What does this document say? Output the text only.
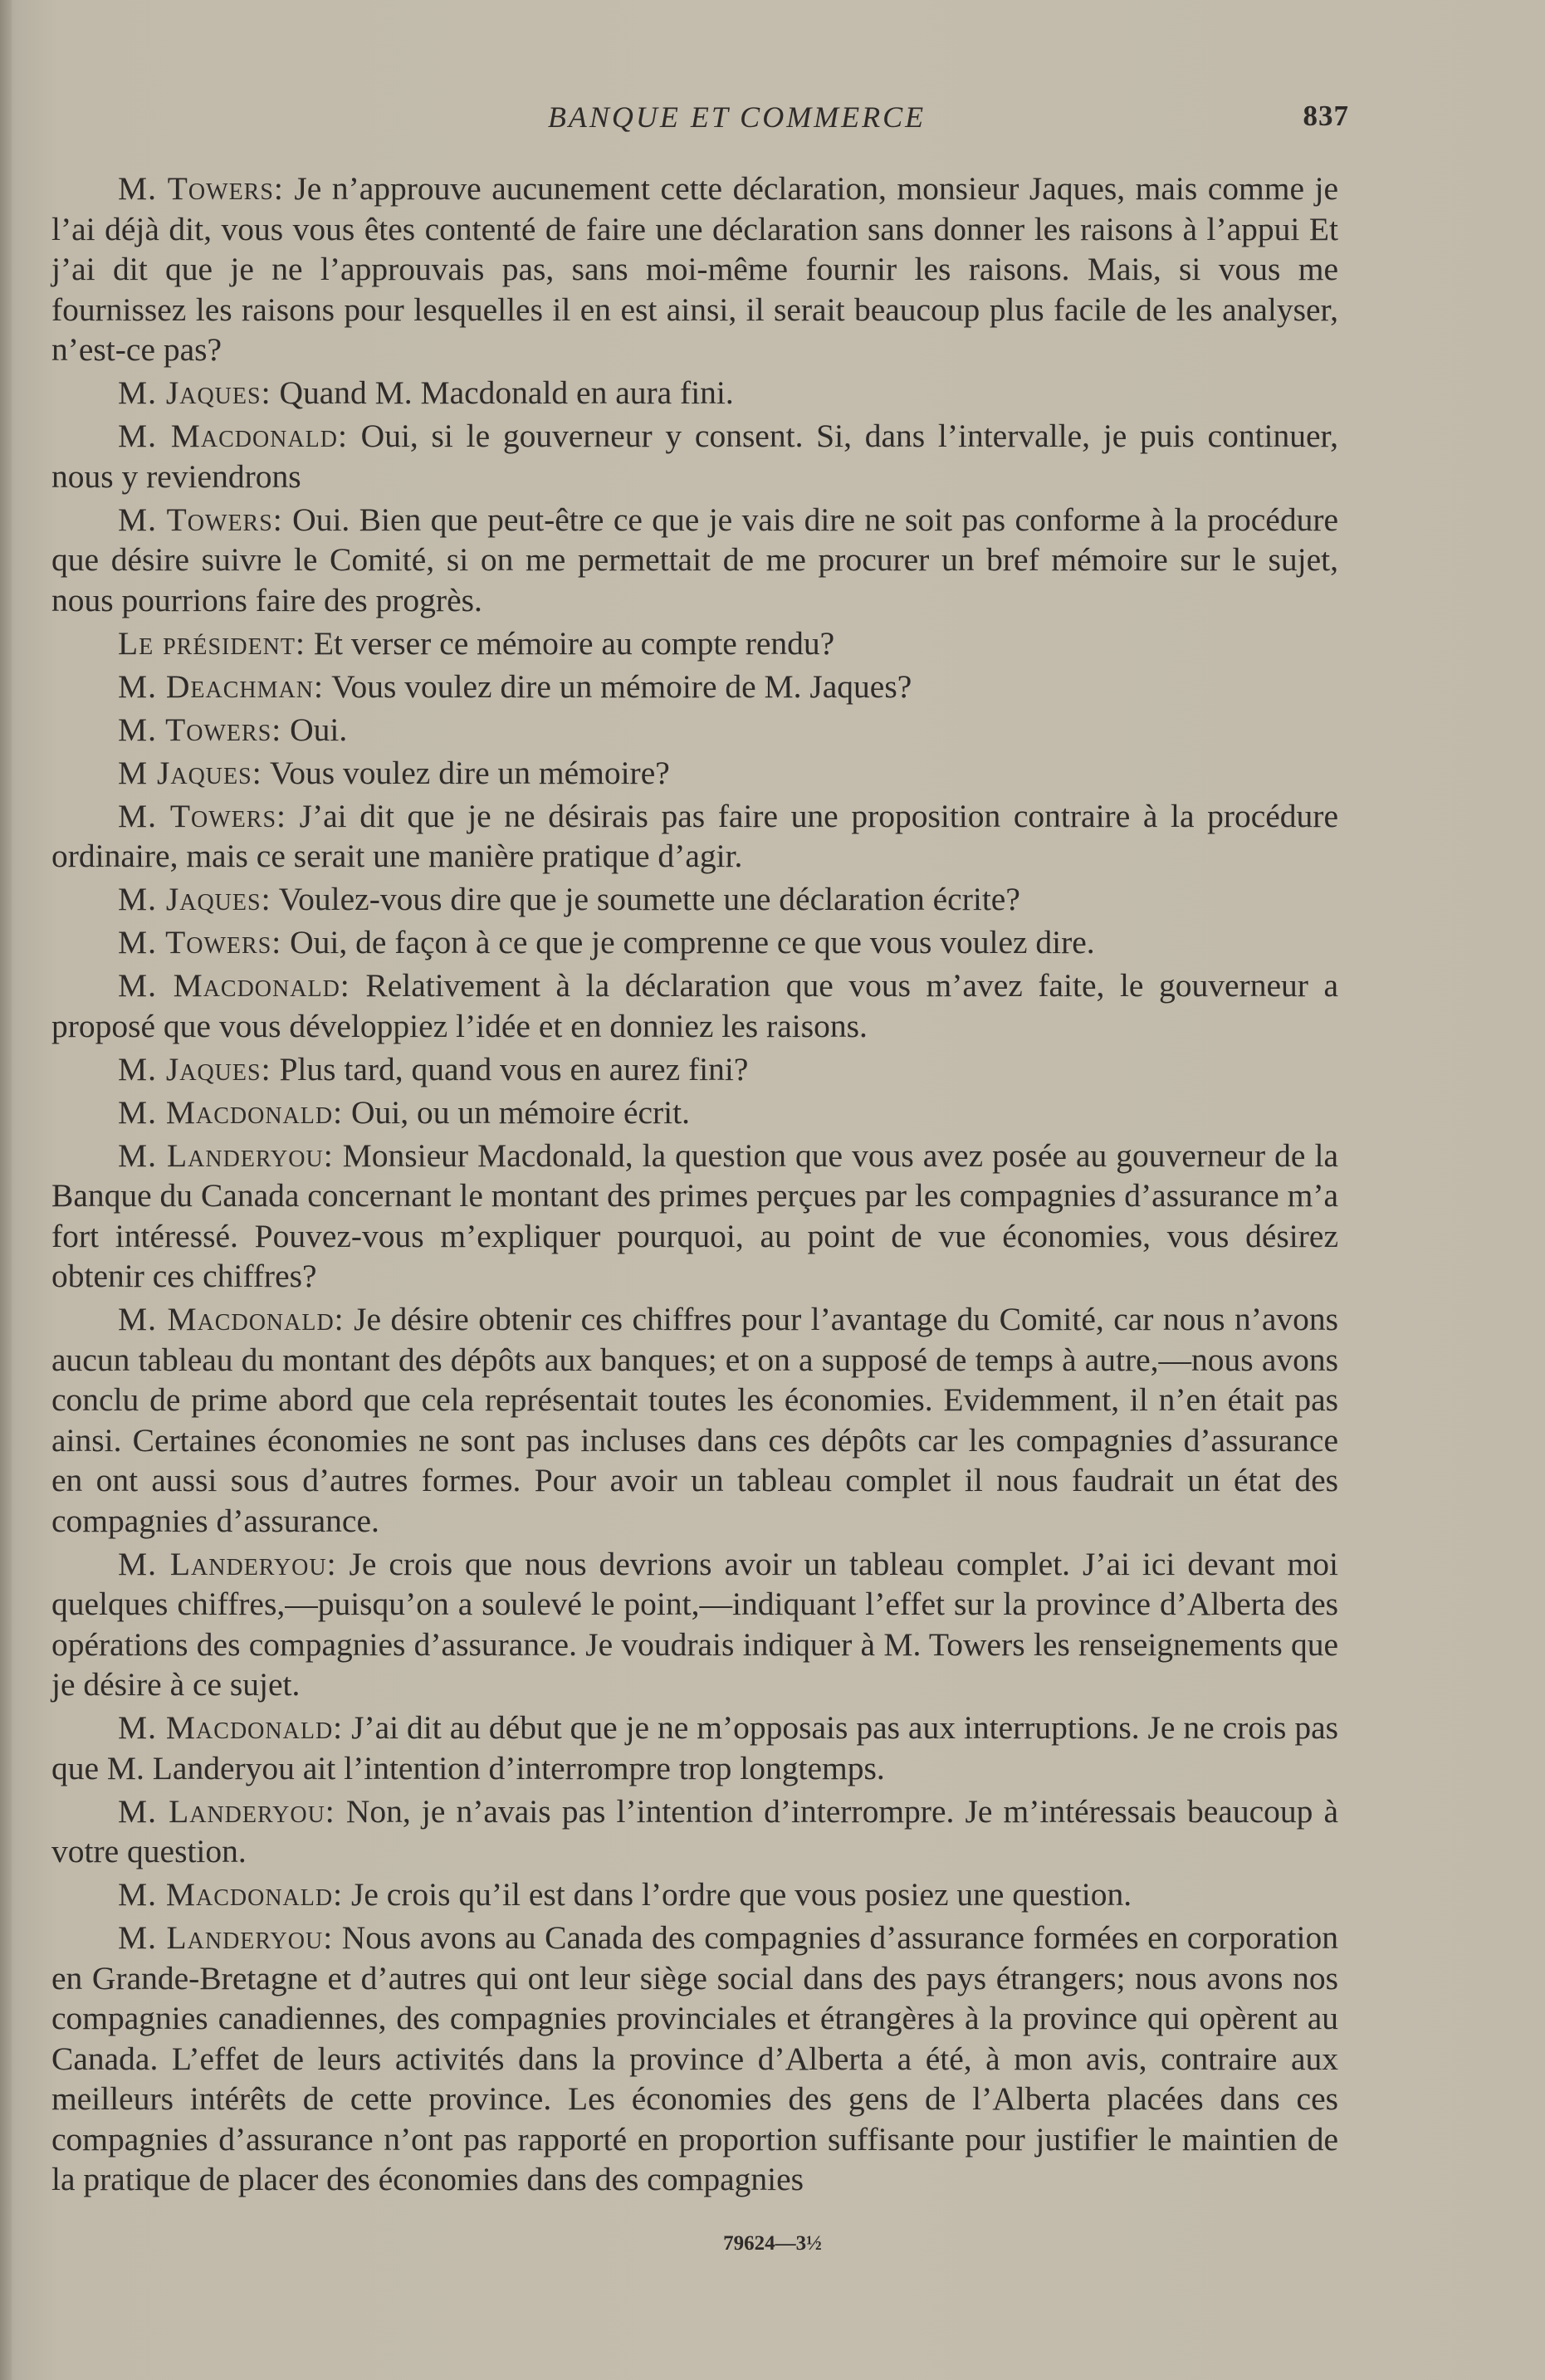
BANQUE ET COMMERCE	837

M. Towers: Je n’approuve aucunement cette déclaration, monsieur Jaques, mais comme je l’ai déjà dit, vous vous êtes contenté de faire une déclaration sans donner les raisons à l’appui Et j’ai dit que je ne l’approuvais pas, sans moi-même fournir les raisons. Mais, si vous me fournissez les raisons pour lesquelles il en est ainsi, il serait beaucoup plus facile de les analyser, n’est-ce pas?

M. Jaques: Quand M. Macdonald en aura fini.

M. Macdonald: Oui, si le gouverneur y consent. Si, dans l’intervalle, je puis continuer, nous y reviendrons

M. Towers: Oui. Bien que peut-être ce que je vais dire ne soit pas conforme à la procédure que désire suivre le Comité, si on me permettait de me procurer un bref mémoire sur le sujet, nous pourrions faire des progrès.

Le président: Et verser ce mémoire au compte rendu?

M. Deachman: Vous voulez dire un mémoire de M. Jaques?

M. Towers: Oui.

M Jaques: Vous voulez dire un mémoire?

M. Towers: J’ai dit que je ne désirais pas faire une proposition contraire à la procédure ordinaire, mais ce serait une manière pratique d’agir.

M. Jaques: Voulez-vous dire que je soumette une déclaration écrite?

M. Towers: Oui, de façon à ce que je comprenne ce que vous voulez dire.

M. Macdonald: Relativement à la déclaration que vous m’avez faite, le gouverneur a proposé que vous développiez l’idée et en donniez les raisons.

M. Jaques: Plus tard, quand vous en aurez fini?

M. Macdonald: Oui, ou un mémoire écrit.

M. Landeryou: Monsieur Macdonald, la question que vous avez posée au gouverneur de la Banque du Canada concernant le montant des primes perçues par les compagnies d’assurance m’a fort intéressé. Pouvez-vous m’expliquer pourquoi, au point de vue économies, vous désirez obtenir ces chiffres?

M. Macdonald: Je désire obtenir ces chiffres pour l’avantage du Comité, car nous n’avons aucun tableau du montant des dépôts aux banques; et on a supposé de temps à autre,—nous avons conclu de prime abord que cela représentait toutes les économies. Evidemment, il n’en était pas ainsi. Certaines économies ne sont pas incluses dans ces dépôts car les compagnies d’assurance en ont aussi sous d’autres formes. Pour avoir un tableau complet il nous faudrait un état des compagnies d’assurance.

M. Landeryou: Je crois que nous devrions avoir un tableau complet. J’ai ici devant moi quelques chiffres,—puisqu’on a soulevé le point,—indiquant l’effet sur la province d’Alberta des opérations des compagnies d’assurance. Je voudrais indiquer à M. Towers les renseignements que je désire à ce sujet.

M. Macdonald: J’ai dit au début que je ne m’opposais pas aux interruptions. Je ne crois pas que M. Landeryou ait l’intention d’interrompre trop longtemps.

M. Landeryou: Non, je n’avais pas l’intention d’interrompre. Je m’intéressais beaucoup à votre question.

M. Macdonald: Je crois qu’il est dans l’ordre que vous posiez une question.

M. Landeryou: Nous avons au Canada des compagnies d’assurance formées en corporation en Grande-Bretagne et d’autres qui ont leur siège social dans des pays étrangers; nous avons nos compagnies canadiennes, des compagnies provinciales et étrangères à la province qui opèrent au Canada. L’effet de leurs activités dans la province d’Alberta a été, à mon avis, contraire aux meilleurs intérêts de cette province. Les économies des gens de l’Alberta placées dans ces compagnies d’assurance n’ont pas rapporté en proportion suffisante pour justifier le maintien de la pratique de placer des économies dans des compagnies

79624—3½
